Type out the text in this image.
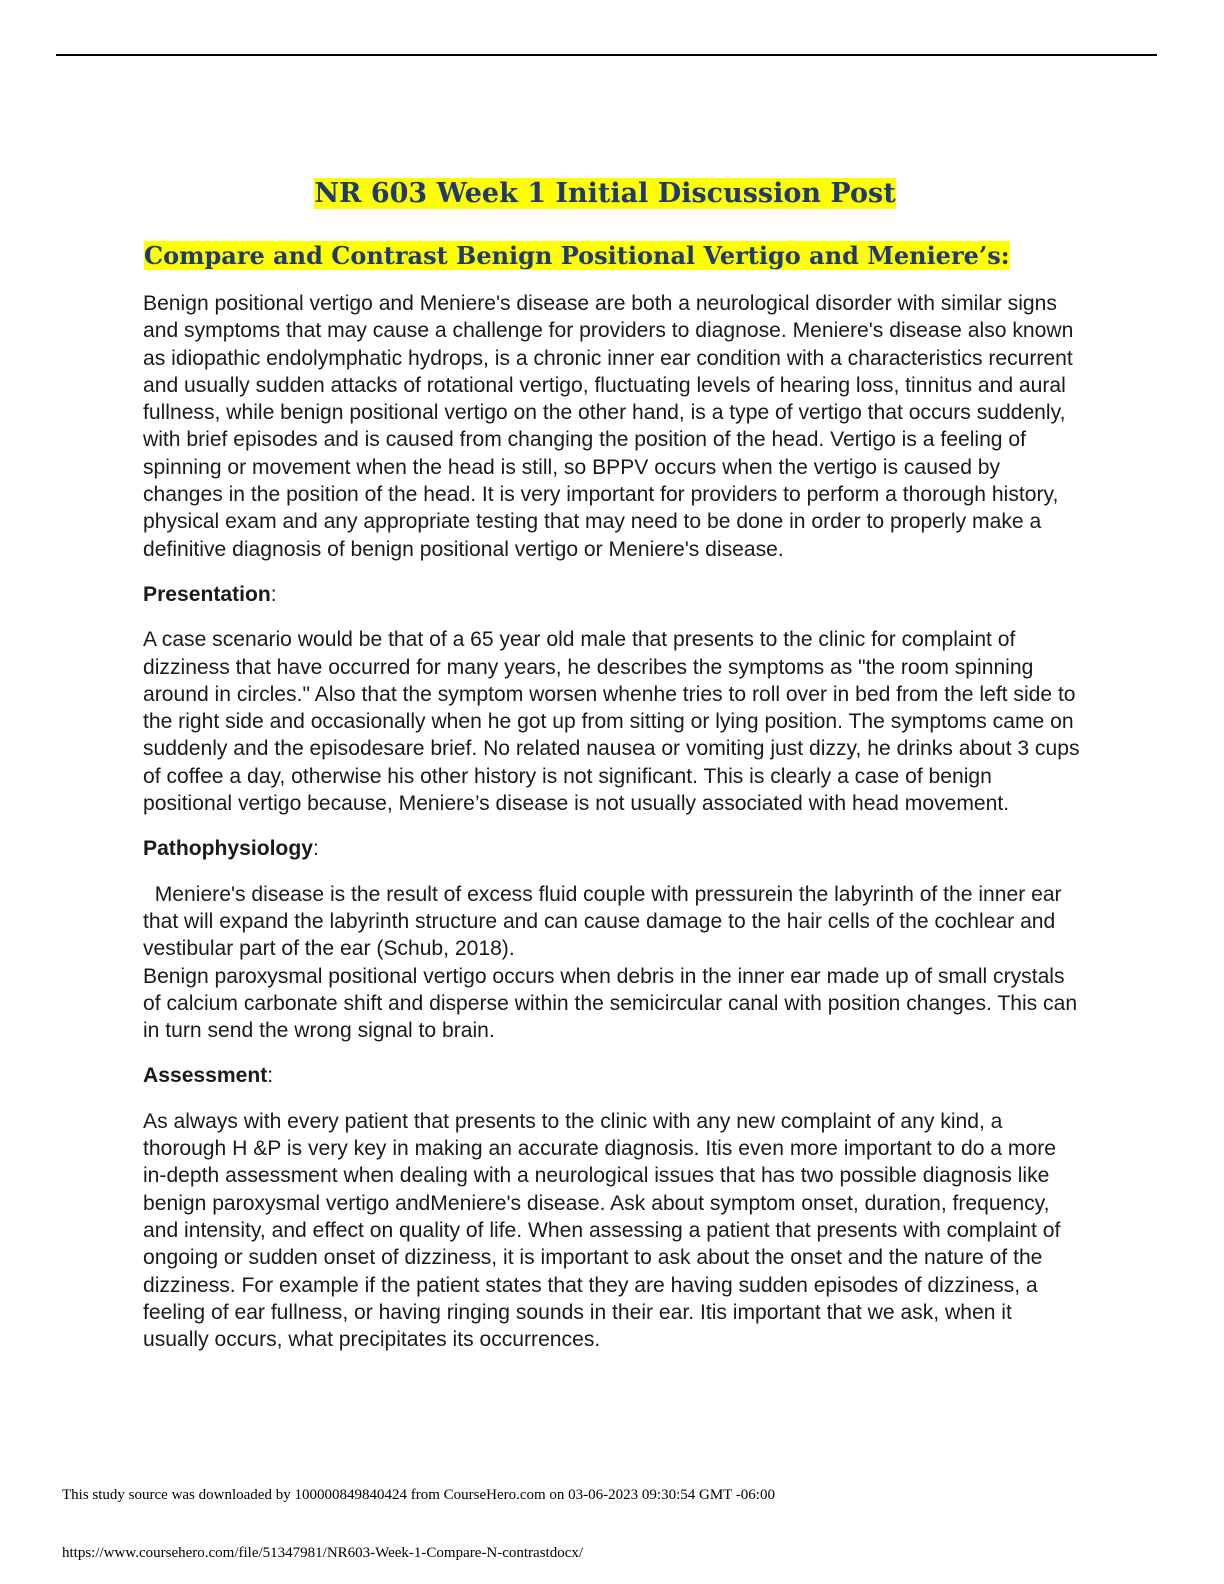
NR 603 Week 1 Initial Discussion Post
Compare and Contrast Benign Positional Vertigo and Meniere’s:

Benign positional vertigo and Meniere's disease are both a neurological disorder with similar signs and symptoms that may cause a challenge for providers to diagnose. Meniere's disease also known as idiopathic endolymphatic hydrops, is a chronic inner ear condition with a characteristics recurrent and usually sudden attacks of rotational vertigo, fluctuating levels of hearing loss, tinnitus and aural fullness, while benign positional vertigo on the other hand, is a type of vertigo that occurs suddenly, with brief episodes and is caused from changing the position of the head. Vertigo is a feeling of spinning or movement when the head is still, so BPPV occurs when the vertigo is caused by changes in the position of the head. It is very important for providers to perform a thorough history, physical exam and any appropriate testing that may need to be done in order to properly make a definitive diagnosis of benign positional vertigo or Meniere's disease.

Presentation:

A case scenario would be that of a 65 year old male that presents to the clinic for complaint of dizziness that have occurred for many years, he describes the symptoms as "the room spinning around in circles." Also that the symptom worsen whenhe tries to roll over in bed from the left side to the right side and occasionally when he got up from sitting or lying position. The symptoms came on suddenly and the episodesare brief. No related nausea or vomiting just dizzy, he drinks about 3 cups of coffee a day, otherwise his other history is not significant. This is clearly a case of benign positional vertigo because, Meniere’s disease is not usually associated with head movement.

Pathophysiology:

Meniere's disease is the result of excess fluid couple with pressurein the labyrinth of the inner ear that will expand the labyrinth structure and can cause damage to the hair cells of the cochlear and vestibular part of the ear (Schub, 2018).

Benign paroxysmal positional vertigo occurs when debris in the inner ear made up of small crystals of calcium carbonate shift and disperse within the semicircular canal with position changes. This can in turn send the wrong signal to brain.

Assessment:

As always with every patient that presents to the clinic with any new complaint of any kind, a thorough H &P is very key in making an accurate diagnosis. Itis even more important to do a more in-depth assessment when dealing with a neurological issues that has two possible diagnosis like benign paroxysmal vertigo andMeniere's disease. Ask about symptom onset, duration, frequency, and intensity, and effect on quality of life. When assessing a patient that presents with complaint of ongoing or sudden onset of dizziness, it is important to ask about the onset and the nature of the dizziness. For example if the patient states that they are having sudden episodes of dizziness, a feeling of ear fullness, or having ringing sounds in their ear. Itis important that we ask, when it usually occurs, what precipitates its occurrences.

This study source was downloaded by 100000849840424 from CourseHero.com on 03-06-2023 09:30:54 GMT -06:00
https://www.coursehero.com/file/51347981/NR603-Week-1-Compare-N-contrastdocx/
